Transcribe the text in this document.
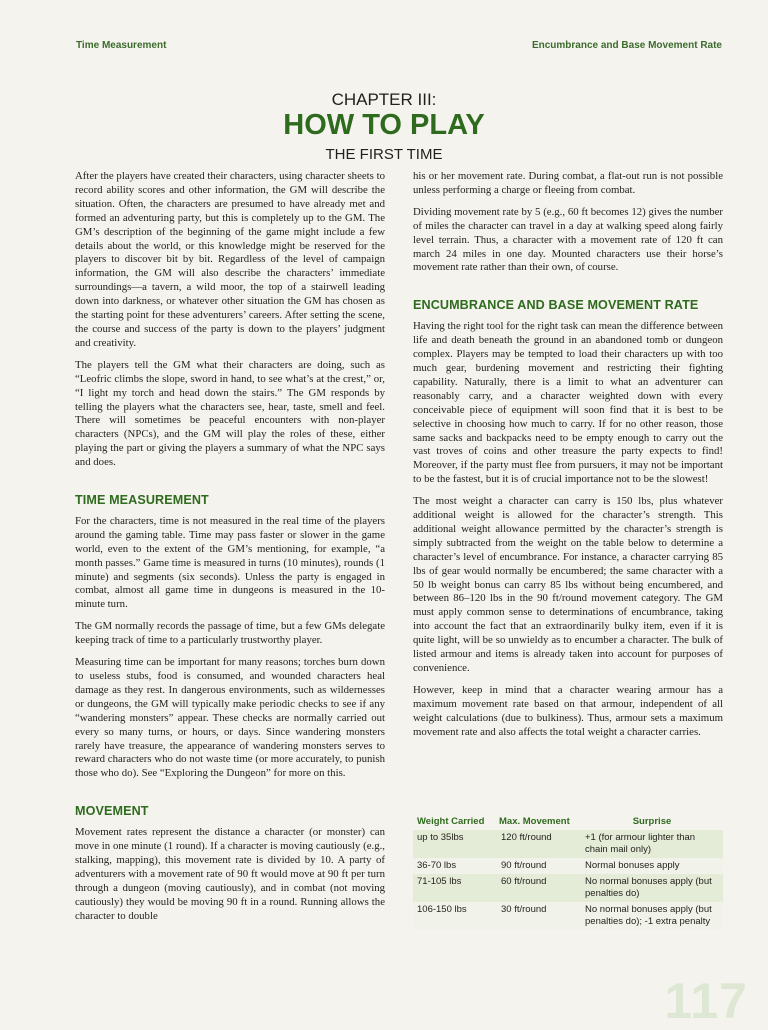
Time Measurement	Encumbrance and Base Movement Rate
CHAPTER III:
HOW TO PLAY
THE FIRST TIME

After the players have created their characters, using character sheets to record ability scores and other information, the GM will describe the situation. Often, the characters are presumed to have already met and formed an adventuring party, but this is completely up to the GM. The GM’s description of the beginning of the game might include a few details about the world, or this knowledge might be reserved for the players to discover bit by bit. Regardless of the level of campaign information, the GM will also describe the characters’ immediate surroundings—a tavern, a wild moor, the top of a stairwell leading down into darkness, or whatever other situation the GM has chosen as the starting point for these adventurers’ careers. After setting the scene, the course and success of the party is down to the players’ judgment and creativity.

The players tell the GM what their characters are doing, such as “Leofric climbs the slope, sword in hand, to see what’s at the crest,” or, “I light my torch and head down the stairs.” The GM responds by telling the players what the characters see, hear, taste, smell and feel. There will sometimes be peaceful encounters with non-player characters (NPCs), and the GM will play the roles of these, either playing the part or giving the players a summary of what the NPC says and does.

TIME MEASUREMENT

For the characters, time is not measured in the real time of the players around the gaming table. Time may pass faster or slower in the game world, even to the extent of the GM’s mentioning, for example, “a month passes.” Game time is measured in turns (10 minutes), rounds (1 minute) and segments (six seconds). Unless the party is engaged in combat, almost all game time in dungeons is measured in the 10-minute turn.

The GM normally records the passage of time, but a few GMs delegate keeping track of time to a particularly trustworthy player.

Measuring time can be important for many reasons; torches burn down to useless stubs, food is consumed, and wounded characters heal damage as they rest. In dangerous environments, such as wildernesses or dungeons, the GM will typically make periodic checks to see if any “wandering monsters” appear. These checks are normally carried out every so many turns, or hours, or days. Since wandering monsters rarely have treasure, the appearance of wandering monsters serves to reward characters who do not waste time (or more accurately, to punish those who do). See “Exploring the Dungeon” for more on this.

MOVEMENT

Movement rates represent the distance a character (or monster) can move in one minute (1 round). If a character is moving cautiously (e.g., stalking, mapping), this movement rate is divided by 10. A party of adventurers with a movement rate of 90 ft would move at 90 ft per turn through a dungeon (moving cautiously), and in combat (not moving cautiously) they would be moving 90 ft in a round. Running allows the character to double

his or her movement rate. During combat, a flat-out run is not possible unless performing a charge or fleeing from combat.

Dividing movement rate by 5 (e.g., 60 ft becomes 12) gives the number of miles the character can travel in a day at walking speed along fairly level terrain. Thus, a character with a movement rate of 120 ft can march 24 miles in one day. Mounted characters use their horse’s movement rate rather than their own, of course.

ENCUMBRANCE AND BASE MOVEMENT RATE

Having the right tool for the right task can mean the difference between life and death beneath the ground in an abandoned tomb or dungeon complex. Players may be tempted to load their characters up with too much gear, burdening movement and restricting their fighting capability. Naturally, there is a limit to what an adventurer can reasonably carry, and a character weighted down with every conceivable piece of equipment will soon find that it is best to be selective in choosing how much to carry. If for no other reason, those same sacks and backpacks need to be empty enough to carry out the vast troves of coins and other treasure the party expects to find! Moreover, if the party must flee from pursuers, it may not be important to be the fastest, but it is of crucial importance not to be the slowest!

The most weight a character can carry is 150 lbs, plus whatever additional weight is allowed for the character’s strength. This additional weight allowance permitted by the character’s strength is simply subtracted from the weight on the table below to determine a character’s level of encumbrance. For instance, a character carrying 85 lbs of gear would normally be encumbered; the same character with a 50 lb weight bonus can carry 85 lbs without being encumbered, and between 86–120 lbs in the 90 ft/round movement category. The GM must apply common sense to determinations of encumbrance, taking into account the fact that an extraordinarily bulky item, even if it is quite light, will be so unwieldy as to encumber a character. The bulk of listed armour and items is already taken into account for purposes of convenience.

However, keep in mind that a character wearing armour has a maximum movement rate based on that armour, independent of all weight calculations (due to bulkiness). Thus, armour sets a maximum movement rate and also affects the total weight a character carries.

Weight Carried	Max. Movement	Surprise
up to 35lbs	120 ft/round	+1 (for armour lighter than chain mail only)
36-70 lbs	90 ft/round	Normal bonuses apply
71-105 lbs	60 ft/round	No normal bonuses apply (but penalties do)
106-150 lbs	30 ft/round	No normal bonuses apply (but penalties do); -1 extra penalty
117
